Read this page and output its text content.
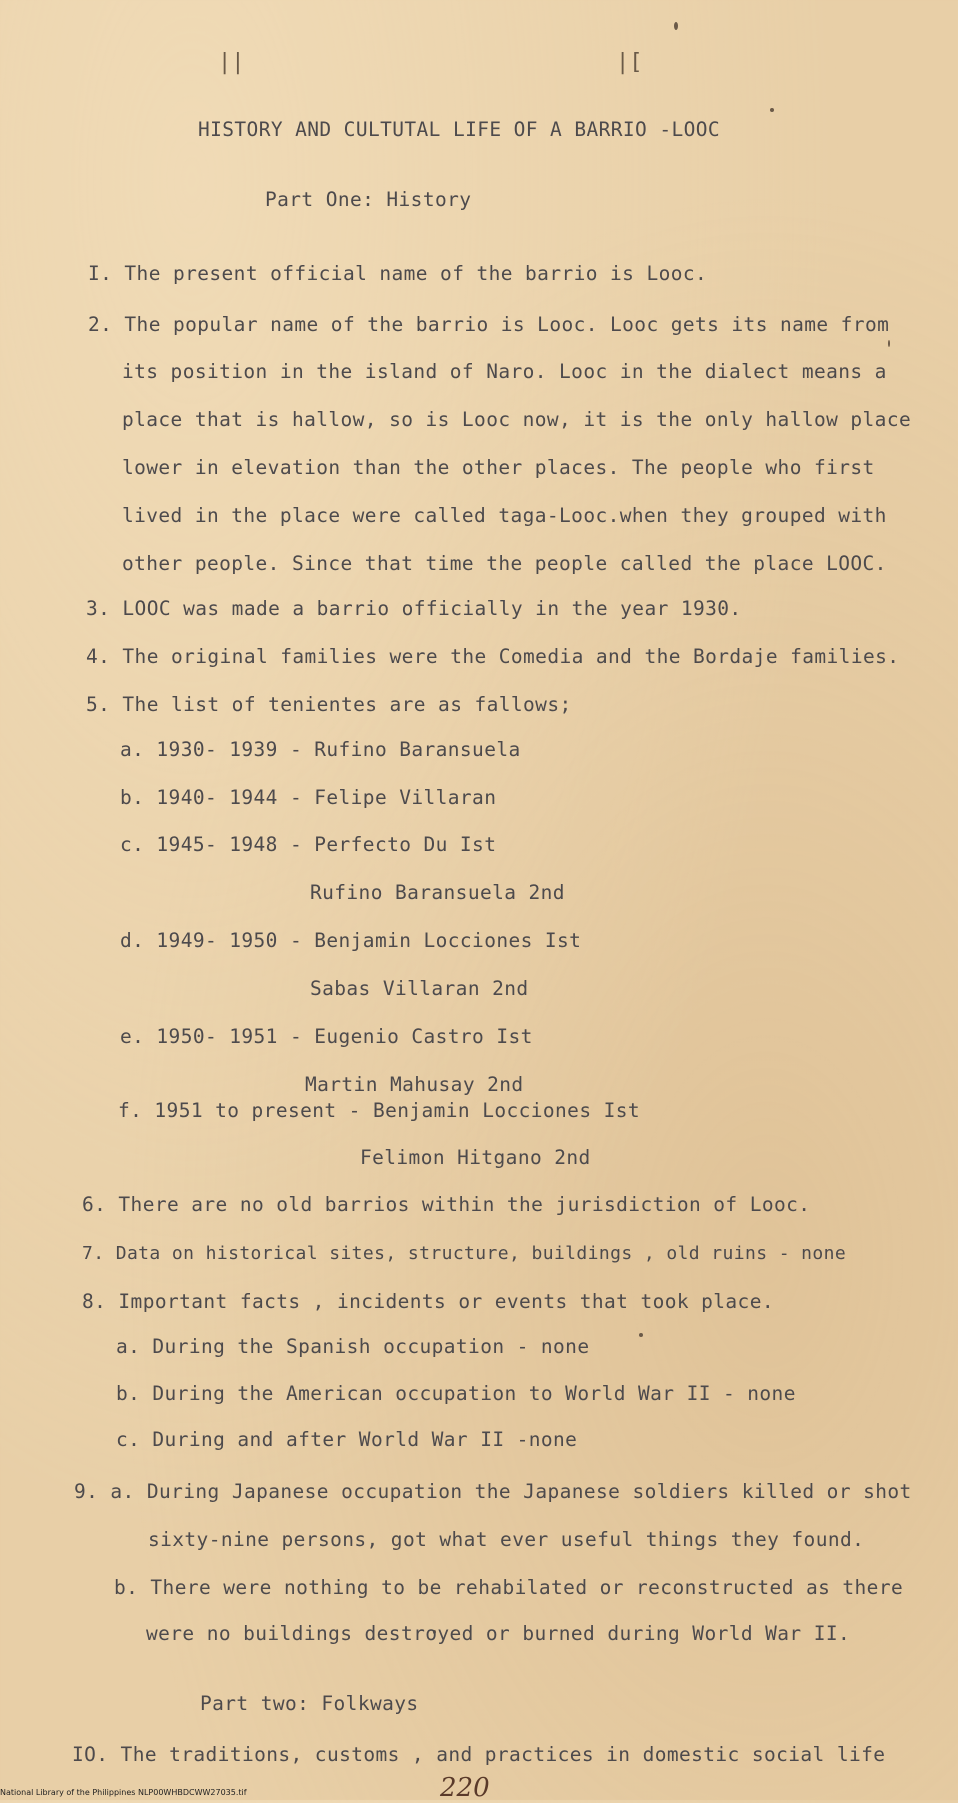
||	|[
HISTORY AND CULTUTAL LIFE OF A BARRIO -LOOC
Part One: History
I. The present official name of the barrio is Looc.
2. The popular name of the barrio is Looc. Looc gets its name from
its position in the island of Naro. Looc in the dialect means a
place that is hallow, so is Looc now, it is the only hallow place
lower in elevation than the other places. The people who first
lived in the place were called taga-Looc.when they grouped with
other people. Since that time the people called the place LOOC.
3. LOOC was made a barrio officially in the year 1930.
4. The original families were the Comedia and the Bordaje families.
5. The list of tenientes are as fallows;
a. 1930- 1939 - Rufino Baransuela
b. 1940- 1944 - Felipe Villaran
c. 1945- 1948 - Perfecto Du Ist
Rufino Baransuela 2nd
d. 1949- 1950 - Benjamin Locciones Ist
Sabas Villaran 2nd
e. 1950- 1951 - Eugenio Castro Ist
Martin Mahusay 2nd
f. 1951 to present - Benjamin Locciones Ist
Felimon Hitgano 2nd
6. There are no old barrios within the jurisdiction of Looc.
7. Data on historical sites, structure, buildings , old ruins - none
8. Important facts , incidents or events that took place.
a. During the Spanish occupation - none
b. During the American occupation to World War II - none
c. During and after World War II -none
9. a. During Japanese occupation the Japanese soldiers killed or shot
sixty-nine persons, got what ever useful things they found.
b. There were nothing to be rehabilated or reconstructed as there
were no buildings destroyed or burned during World War II.
Part two: Folkways
IO. The traditions, customs , and practices in domestic social life
220
National Library of the Philippines NLP00WHBDCWW27035.tif
